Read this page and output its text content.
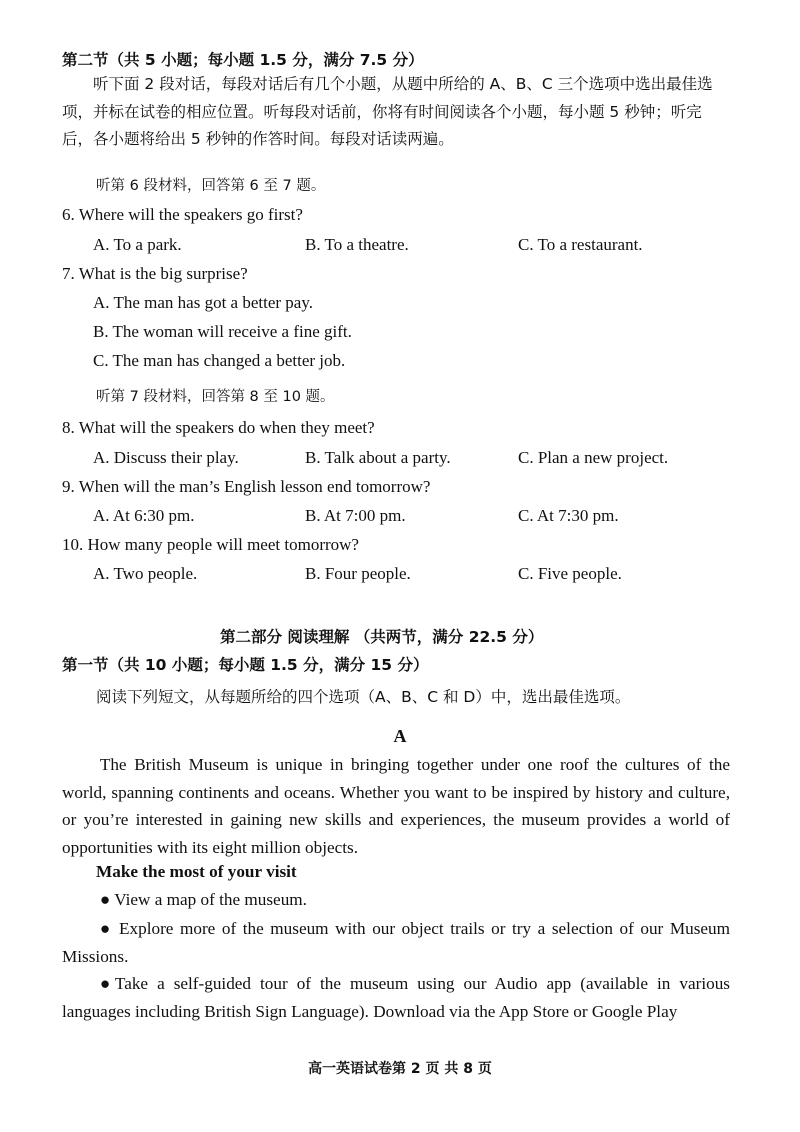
第二节（共 5 小题；每小题 1.5 分，满分 7.5 分）
听下面 2 段对话，每段对话后有几个小题，从题中所给的 A、B、C 三个选项中选出最佳选项，并标在试卷的相应位置。听每段对话前，你将有时间阅读各个小题，每小题 5 秒钟；听完后，各小题将给出 5 秒钟的作答时间。每段对话读两遍。
听第 6 段材料，回答第 6 至 7 题。
6. Where will the speakers go first?
A. To a park.	B. To a theatre.	C. To a restaurant.
7. What is the big surprise?
A. The man has got a better pay.
B. The woman will receive a fine gift.
C. The man has changed a better job.
听第 7 段材料，回答第 8 至 10 题。
8. What will the speakers do when they meet?
A. Discuss their play.	B. Talk about a party.	C. Plan a new project.
9. When will the man’s English lesson end tomorrow?
A. At 6:30 pm.	B. At 7:00 pm.	C. At 7:30 pm.
10. How many people will meet tomorrow?
A. Two people.	B. Four people.	C. Five people.
第二部分 阅读理解 （共两节，满分 22.5 分）
第一节（共 10 小题；每小题 1.5 分，满分 15 分）
阅读下列短文，从每题所给的四个选项（A、B、C 和 D）中，选出最佳选项。
A
The British Museum is unique in bringing together under one roof the cultures of the world, spanning continents and oceans. Whether you want to be inspired by history and culture, or you’re interested in gaining new skills and experiences, the museum provides a world of opportunities with its eight million objects.
Make the most of your visit
● View a map of the museum.
● Explore more of the museum with our object trails or try a selection of our Museum Missions.
●Take a self-guided tour of the museum using our Audio app (available in various languages including British Sign Language). Download via the App Store or Google Play
高一英语试卷第 2 页 共 8 页
